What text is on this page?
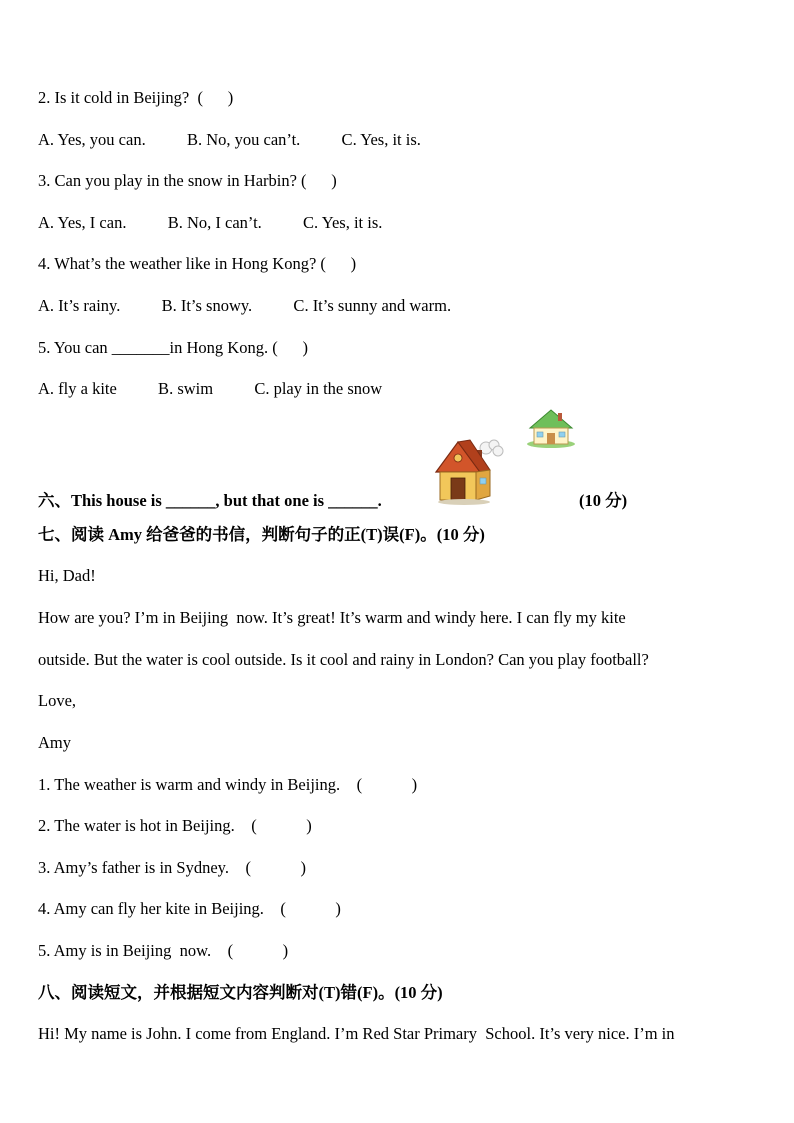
2. Is it cold in Beijing?  (      )
A. Yes, you can.          B. No, you can’t.          C. Yes, it is.
3. Can you play in the snow in Harbin? (      )
A. Yes, I can.          B. No, I can’t.          C. Yes, it is.
4. What’s the weather like in Hong Kong? (      )
A. It’s rainy.          B. It’s snowy.          C. It’s sunny and warm.
5. You can _______in Hong Kong. (      )
A. fly a kite          B. swim          C. play in the snow
六、This house is ______, but that one is ______.	(10 分)
七、阅读 Amy 给爸爸的书信，判断句子的正(T)误(F)。(10 分)
Hi, Dad!
How are you? I’m in Beijing  now. It’s great! It’s warm and windy here. I can fly my kite
outside. But the water is cool outside. Is it cool and rainy in London? Can you play football?
Love,
Amy
1. The weather is warm and windy in Beijing.    (            )
2. The water is hot in Beijing.    (            )
3. Amy’s father is in Sydney.    (            )
4. Amy can fly her kite in Beijing.    (            )
5. Amy is in Beijing  now.    (            )
八、阅读短文，并根据短文内容判断对(T)错(F)。(10 分)
Hi! My name is John. I come from England. I’m Red Star Primary  School. It’s very nice. I’m in
